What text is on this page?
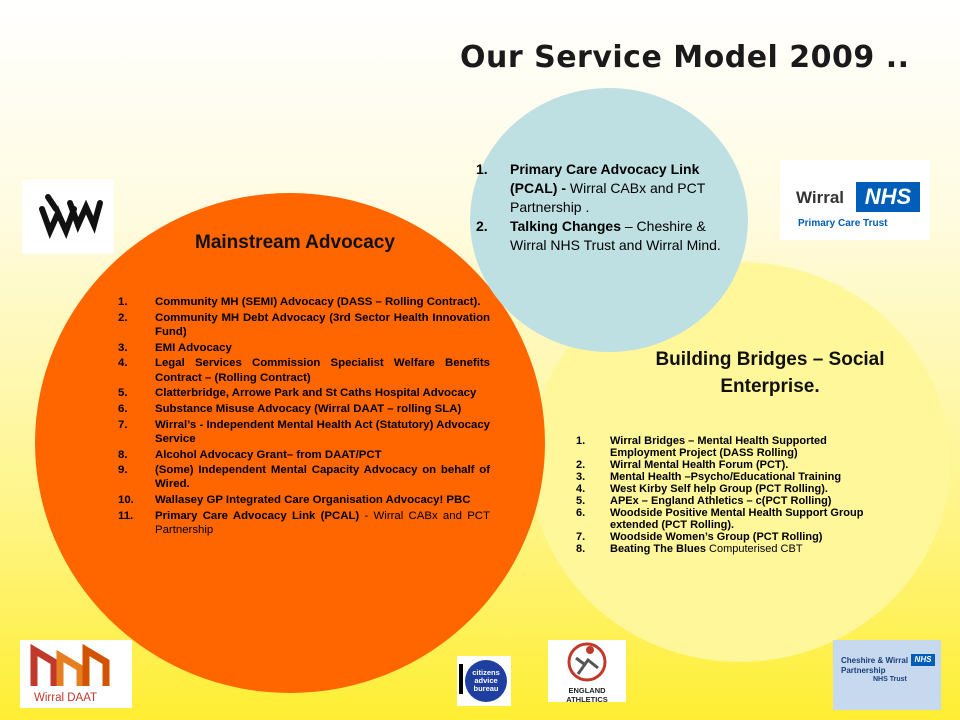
Our Service Model 2009 ..
Mainstream Advocacy
1. Community MH (SEMI) Advocacy (DASS – Rolling Contract).
2. Community MH Debt Advocacy (3rd Sector Health Innovation Fund)
3. EMI Advocacy
4. Legal Services Commission Specialist Welfare Benefits Contract – (Rolling Contract)
5. Clatterbridge, Arrowe Park and St Caths Hospital Advocacy
6. Substance Misuse Advocacy (Wirral DAAT – rolling SLA)
7. Wirral’s - Independent Mental Health Act (Statutory) Advocacy Service
8. Alcohol Advocacy Grant– from DAAT/PCT
9. (Some) Independent Mental Capacity Advocacy on behalf of Wired.
10. Wallasey GP Integrated Care Organisation Advocacy! PBC
11. Primary Care Advocacy Link (PCAL) - Wirral CABx and PCT Partnership
1. Primary Care Advocacy Link (PCAL) - Wirral CABx and PCT Partnership .
2. Talking Changes – Cheshire & Wirral NHS Trust and Wirral Mind.
Building Bridges – Social Enterprise.
1. Wirral Bridges – Mental Health Supported Employment Project (DASS Rolling)
2. Wirral Mental Health Forum (PCT).
3. Mental Health –Psycho/Educational Training
4. West Kirby Self help Group (PCT Rolling).
5. APEx – England Athletics – c(PCT Rolling)
6. Woodside Positive Mental Health Support Group extended (PCT Rolling).
7. Woodside Women’s Group (PCT Rolling)
8. Beating The Blues Computerised CBT
Wirral NHS
Primary Care Trust
Wirral DAAT
citizens
advice
bureau	ENGLAND ATHLETICS
Cheshire & Wirral Partnership
NHS
NHS Trust
